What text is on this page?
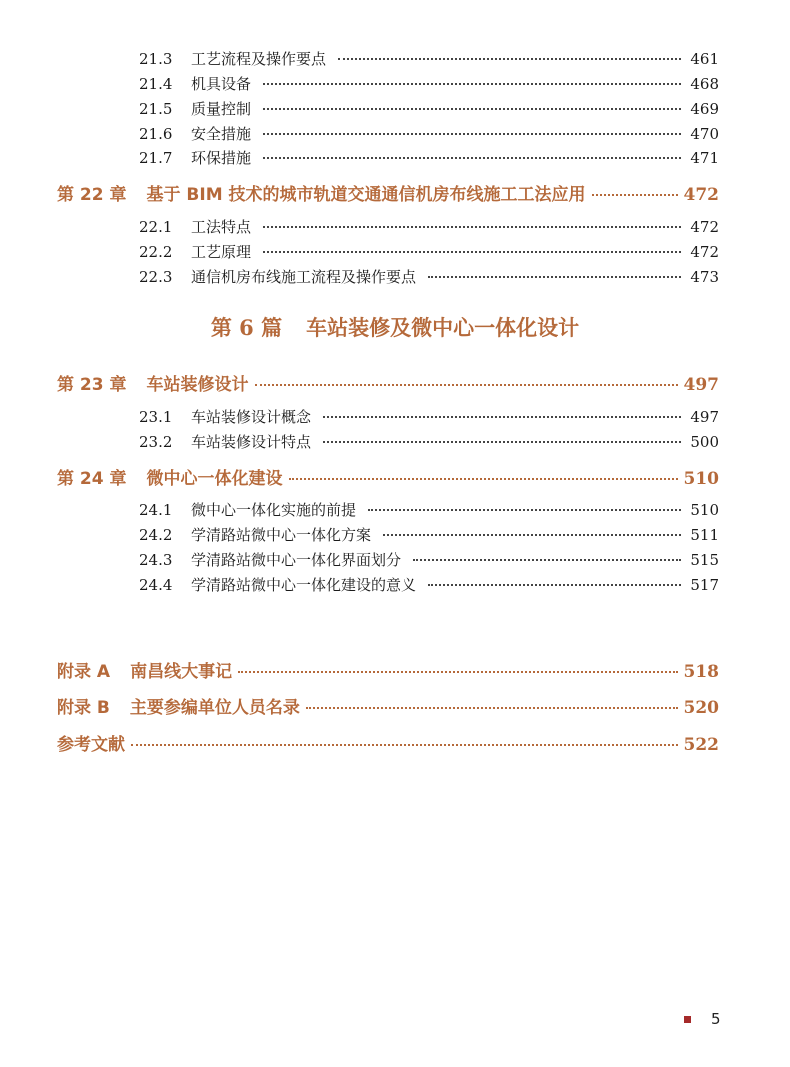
21.3	工艺流程及操作要点	461
21.4	机具设备	468
21.5	质量控制	469
21.6	安全措施	470
21.7	环保措施	471
第 22 章 基于 BIM 技术的城市轨道交通通信机房布线施工工法应用	472
22.1	工法特点	472
22.2	工艺原理	472
22.3	通信机房布线施工流程及操作要点	473
第 6 篇 车站装修及微中心一体化设计
第 23 章 车站装修设计	497
23.1	车站装修设计概念	497
23.2	车站装修设计特点	500
第 24 章 微中心一体化建设	510
24.1	微中心一体化实施的前提	510
24.2	学清路站微中心一体化方案	511
24.3	学清路站微中心一体化界面划分	515
24.4	学清路站微中心一体化建设的意义	517
附录 A 南昌线大事记	518
附录 B 主要参编单位人员名录	520
参考文献	522
5
